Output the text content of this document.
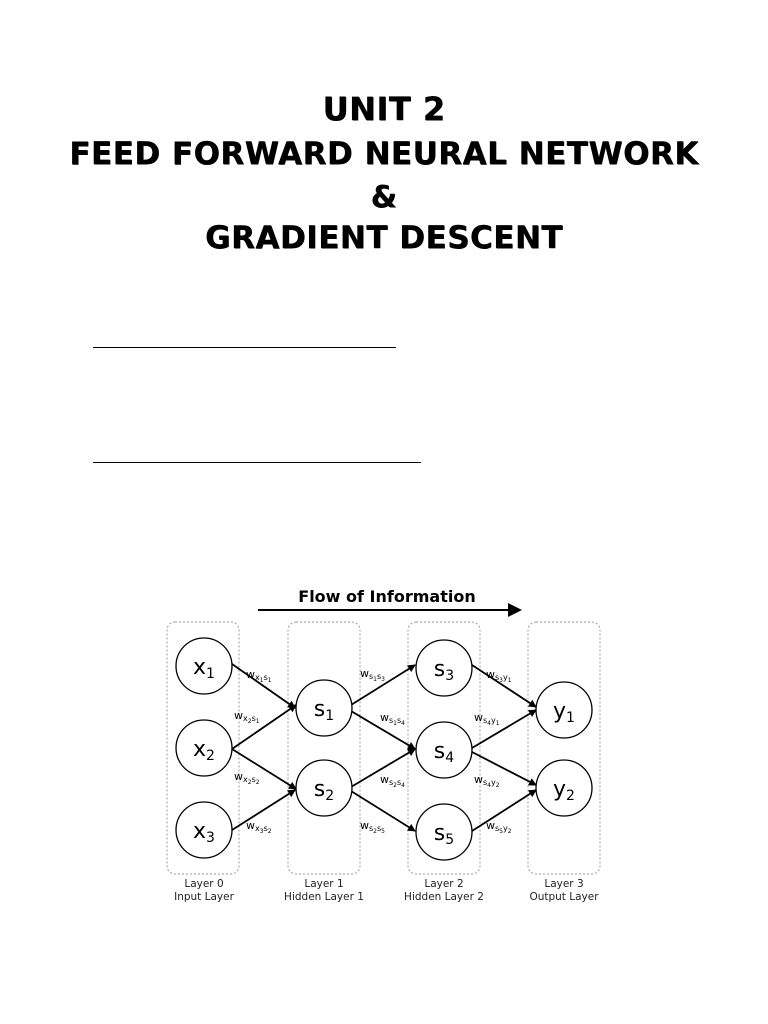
UNIT 2
FEED FORWARD NEURAL NETWORK
&
GRADIENT DESCENT
Flow of Information
x1
x2
x3
s1
s2
s3
s4
s5
y1
y2
wx1s1
wx2s1
wx2s2
wx3s2
ws1s3
ws1s4
ws2s4
ws2s5
ws3y1
ws4y1
ws4y2
ws5y2
Layer 0
Input Layer
Layer 1
Hidden Layer 1
Layer 2
Hidden Layer 2
Layer 3
Output Layer
